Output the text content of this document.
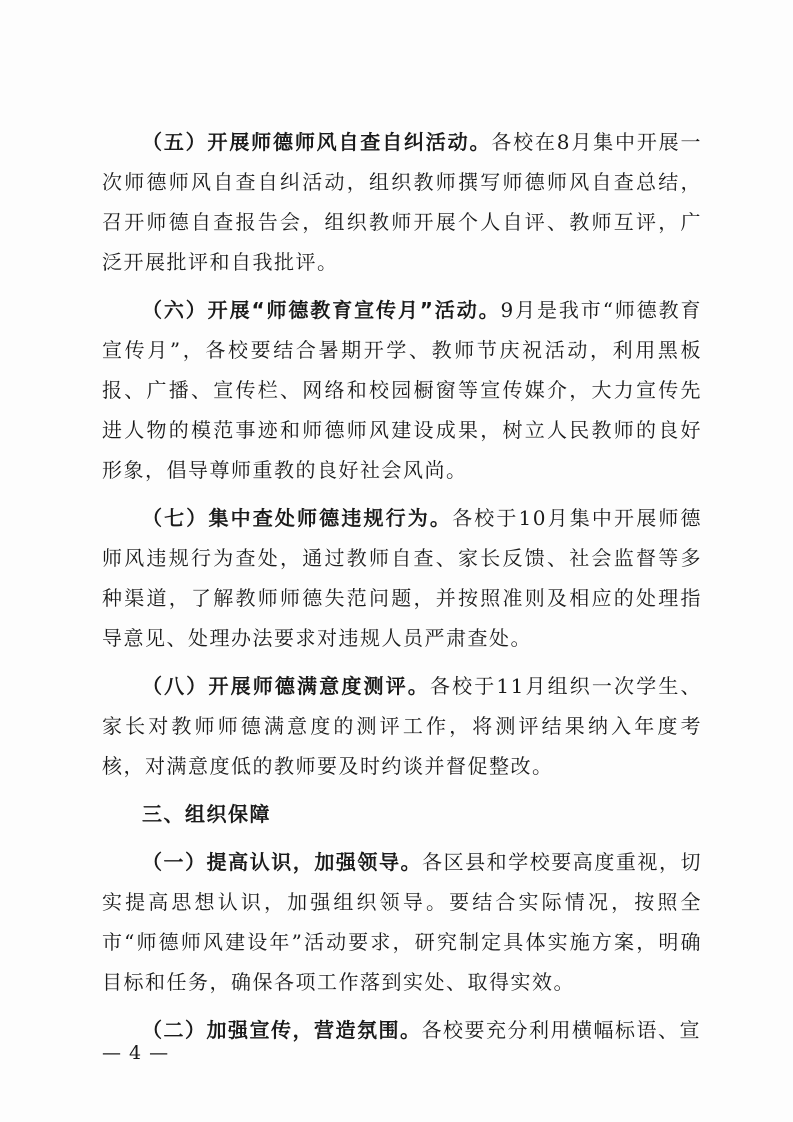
（五）开展师德师风自查自纠活动。各校在8月集中开展一次师德师风自查自纠活动，组织教师撰写师德师风自查总结，召开师德自查报告会，组织教师开展个人自评、教师互评，广泛开展批评和自我批评。

（六）开展“师德教育宣传月”活动。9月是我市“师德教育宣传月”，各校要结合暑期开学、教师节庆祝活动，利用黑板报、广播、宣传栏、网络和校园橱窗等宣传媒介，大力宣传先进人物的模范事迹和师德师风建设成果，树立人民教师的良好形象，倡导尊师重教的良好社会风尚。

（七）集中查处师德违规行为。各校于10月集中开展师德师风违规行为查处，通过教师自查、家长反馈、社会监督等多种渠道，了解教师师德失范问题，并按照准则及相应的处理指导意见、处理办法要求对违规人员严肃查处。

（八）开展师德满意度测评。各校于11月组织一次学生、家长对教师师德满意度的测评工作，将测评结果纳入年度考核，对满意度低的教师要及时约谈并督促整改。

三、组织保障

（一）提高认识，加强领导。各区县和学校要高度重视，切实提高思想认识，加强组织领导。要结合实际情况，按照全市“师德师风建设年”活动要求，研究制定具体实施方案，明确目标和任务，确保各项工作落到实处、取得实效。

（二）加强宣传，营造氛围。各校要充分利用横幅标语、宣

— 4 —
